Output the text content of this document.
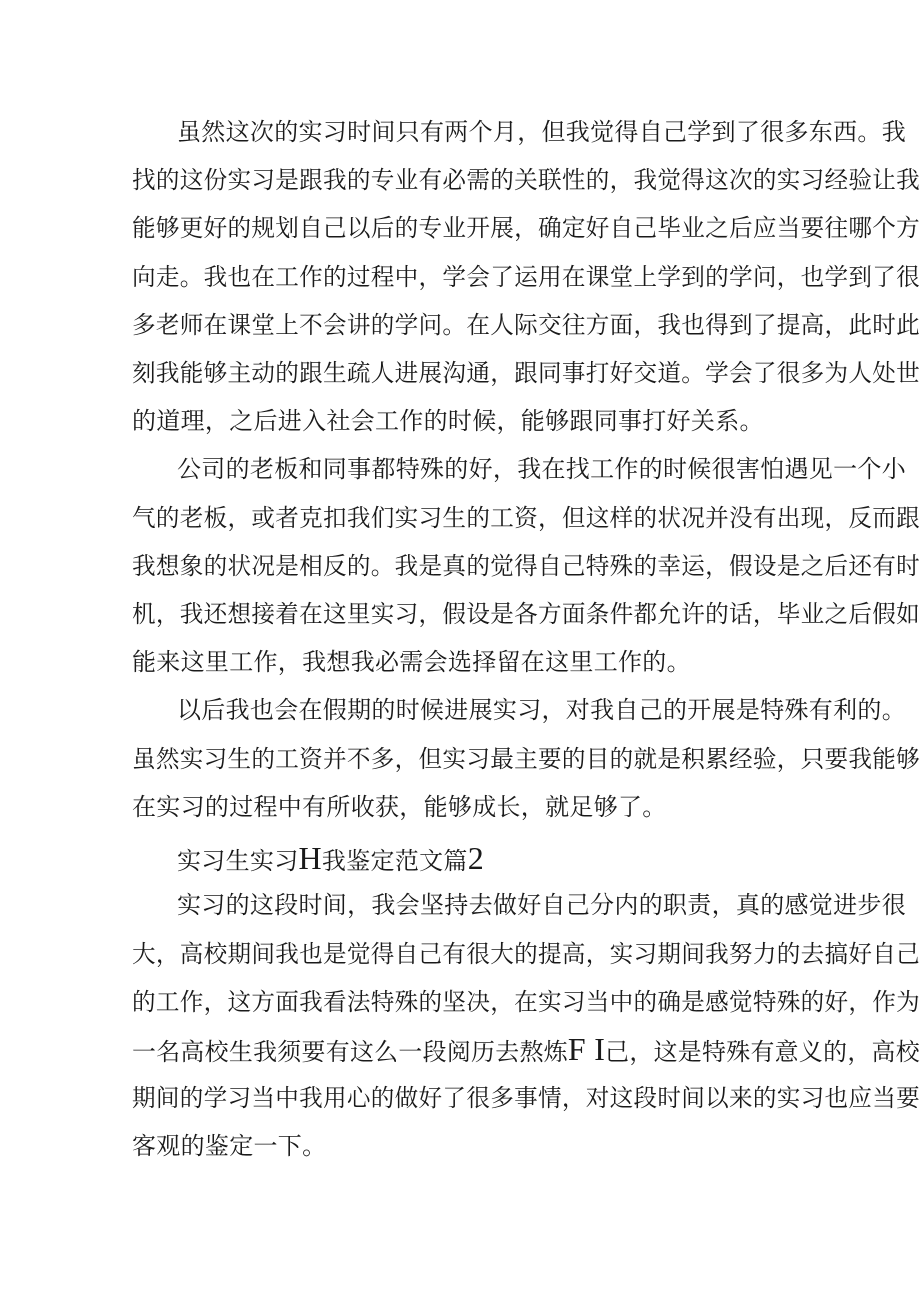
虽然这次的实习时间只有两个月，但我觉得自己学到了很多东西。我
找的这份实习是跟我的专业有必需的关联性的，我觉得这次的实习经验让我
能够更好的规划自己以后的专业开展，确定好自己毕业之后应当要往哪个方
向走。我也在工作的过程中，学会了运用在课堂上学到的学问，也学到了很
多老师在课堂上不会讲的学问。在人际交往方面，我也得到了提高，此时此
刻我能够主动的跟生疏人进展沟通，跟同事打好交道。学会了很多为人处世
的道理，之后进入社会工作的时候，能够跟同事打好关系。
公司的老板和同事都特殊的好，我在找工作的时候很害怕遇见一个小
气的老板，或者克扣我们实习生的工资，但这样的状况并没有出现，反而跟
我想象的状况是相反的。我是真的觉得自己特殊的幸运，假设是之后还有时
机，我还想接着在这里实习，假设是各方面条件都允许的话，毕业之后假如
能来这里工作，我想我必需会选择留在这里工作的。
以后我也会在假期的时候进展实习，对我自己的开展是特殊有利的。
虽然实习生的工资并不多，但实习最主要的目的就是积累经验，只要我能够
在实习的过程中有所收获，能够成长，就足够了。
实习生实习H我鉴定范文篇2
实习的这段时间，我会坚持去做好自己分内的职责，真的感觉进步很
大，高校期间我也是觉得自己有很大的提高，实习期间我努力的去搞好自己
的工作，这方面我看法特殊的坚决，在实习当中的确是感觉特殊的好，作为
一名高校生我须要有这么一段阅历去熬炼F I己，这是特殊有意义的，高校
期间的学习当中我用心的做好了很多事情，对这段时间以来的实习也应当要
客观的鉴定一下。
